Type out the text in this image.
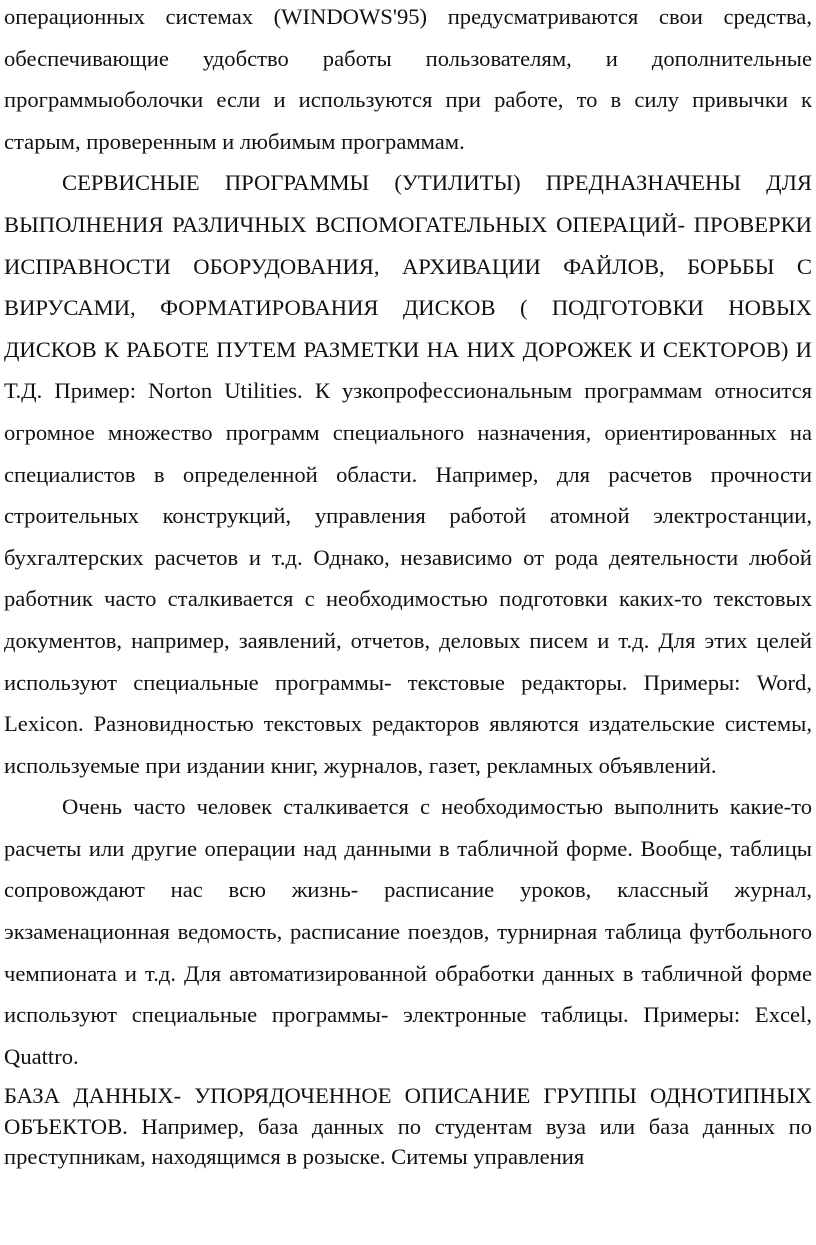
операционных системах (WINDOWS'95) предусматриваются свои средства, обеспечивающие удобство работы пользователям, и дополнительные программыоболочки если и используются при работе, то в силу привычки к старым, проверенным и любимым программам.

СЕРВИСНЫЕ ПРОГРАММЫ (УТИЛИТЫ) ПРЕДНАЗНАЧЕНЫ ДЛЯ ВЫПОЛНЕНИЯ РАЗЛИЧНЫХ ВСПОМОГАТЕЛЬНЫХ ОПЕРАЦИЙ- ПРОВЕРКИ ИСПРАВНОСТИ ОБОРУДОВАНИЯ, АРХИВАЦИИ ФАЙЛОВ, БОРЬБЫ С ВИРУСАМИ, ФОРМАТИРОВАНИЯ ДИСКОВ ( ПОДГОТОВКИ НОВЫХ ДИСКОВ К РАБОТЕ ПУТЕМ РАЗМЕТКИ НА НИХ ДОРОЖЕК И СЕКТОРОВ) И Т.Д. Пример: Norton Utilities. К узкопрофессиональным программам относится огромное множество программ специального назначения, ориентированных на специалистов в определенной области. Например, для расчетов прочности строительных конструкций, управления работой атомной электростанции, бухгалтерских расчетов и т.д. Однако, независимо от рода деятельности любой работник часто сталкивается с необходимостью подготовки каких-то текстовых документов, например, заявлений, отчетов, деловых писем и т.д. Для этих целей используют специальные программы- текстовые редакторы. Примеры: Word, Lexicon. Разновидностью текстовых редакторов являются издательские системы, используемые при издании книг, журналов, газет, рекламных объявлений.

Очень часто человек сталкивается с необходимостью выполнить какие-то расчеты или другие операции над данными в табличной форме. Вообще, таблицы сопровождают нас всю жизнь- расписание уроков, классный журнал, экзаменационная ведомость, расписание поездов, турнирная таблица футбольного чемпионата и т.д. Для автоматизированной обработки данных в табличной форме используют специальные программы- электронные таблицы. Примеры: Excel, Quattro.

БАЗА ДАННЫХ- УПОРЯДОЧЕННОЕ ОПИСАНИЕ ГРУППЫ ОДНОТИПНЫХ ОБЪЕКТОВ. Например, база данных по студентам вуза или база данных по преступникам, находящимся в розыске. Ситемы управления
